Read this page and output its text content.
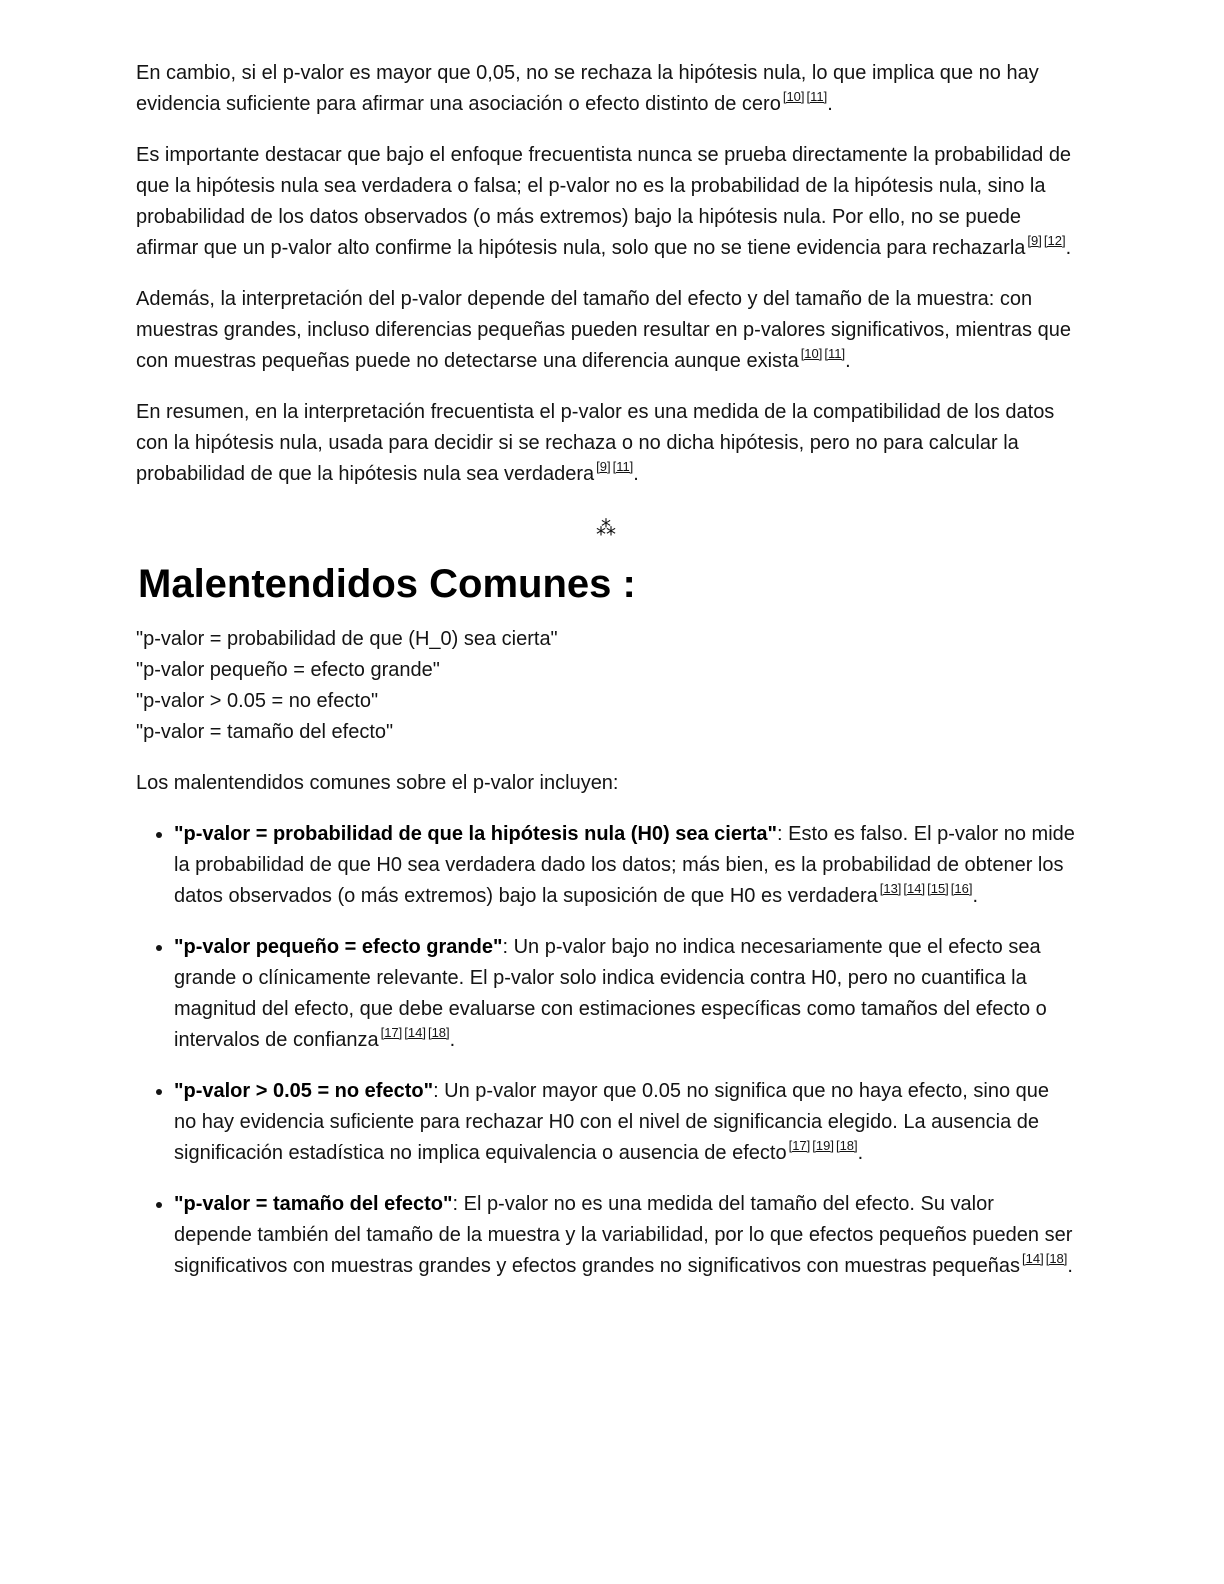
En cambio, si el p-valor es mayor que 0,05, no se rechaza la hipótesis nula, lo que implica que no hay evidencia suficiente para afirmar una asociación o efecto distinto de cero [10] [11].

Es importante destacar que bajo el enfoque frecuentista nunca se prueba directamente la probabilidad de que la hipótesis nula sea verdadera o falsa; el p-valor no es la probabilidad de la hipótesis nula, sino la probabilidad de los datos observados (o más extremos) bajo la hipótesis nula. Por ello, no se puede afirmar que un p-valor alto confirme la hipótesis nula, solo que no se tiene evidencia para rechazarla [9] [12].

Además, la interpretación del p-valor depende del tamaño del efecto y del tamaño de la muestra: con muestras grandes, incluso diferencias pequeñas pueden resultar en p-valores significativos, mientras que con muestras pequeñas puede no detectarse una diferencia aunque exista [10] [11].

En resumen, en la interpretación frecuentista el p-valor es una medida de la compatibilidad de los datos con la hipótesis nula, usada para decidir si se rechaza o no dicha hipótesis, pero no para calcular la probabilidad de que la hipótesis nula sea verdadera [9] [11].

⁂
Malentendidos Comunes :
"p-valor = probabilidad de que (H_0) sea cierta"
"p-valor pequeño = efecto grande"
"p-valor > 0.05 = no efecto"
"p-valor = tamaño del efecto"

Los malentendidos comunes sobre el p-valor incluyen:

• "p-valor = probabilidad de que la hipótesis nula (H0) sea cierta": Esto es falso. El p-valor no mide la probabilidad de que H0 sea verdadera dado los datos; más bien, es la probabilidad de obtener los datos observados (o más extremos) bajo la suposición de que H0 es verdadera [13] [14] [15] [16].
• "p-valor pequeño = efecto grande": Un p-valor bajo no indica necesariamente que el efecto sea grande o clínicamente relevante. El p-valor solo indica evidencia contra H0, pero no cuantifica la magnitud del efecto, que debe evaluarse con estimaciones específicas como tamaños del efecto o intervalos de confianza [17] [14] [18].
• "p-valor > 0.05 = no efecto": Un p-valor mayor que 0.05 no significa que no haya efecto, sino que no hay evidencia suficiente para rechazar H0 con el nivel de significancia elegido. La ausencia de significación estadística no implica equivalencia o ausencia de efecto [17] [19] [18].
• "p-valor = tamaño del efecto": El p-valor no es una medida del tamaño del efecto. Su valor depende también del tamaño de la muestra y la variabilidad, por lo que efectos pequeños pueden ser significativos con muestras grandes y efectos grandes no significativos con muestras pequeñas [14] [18].
